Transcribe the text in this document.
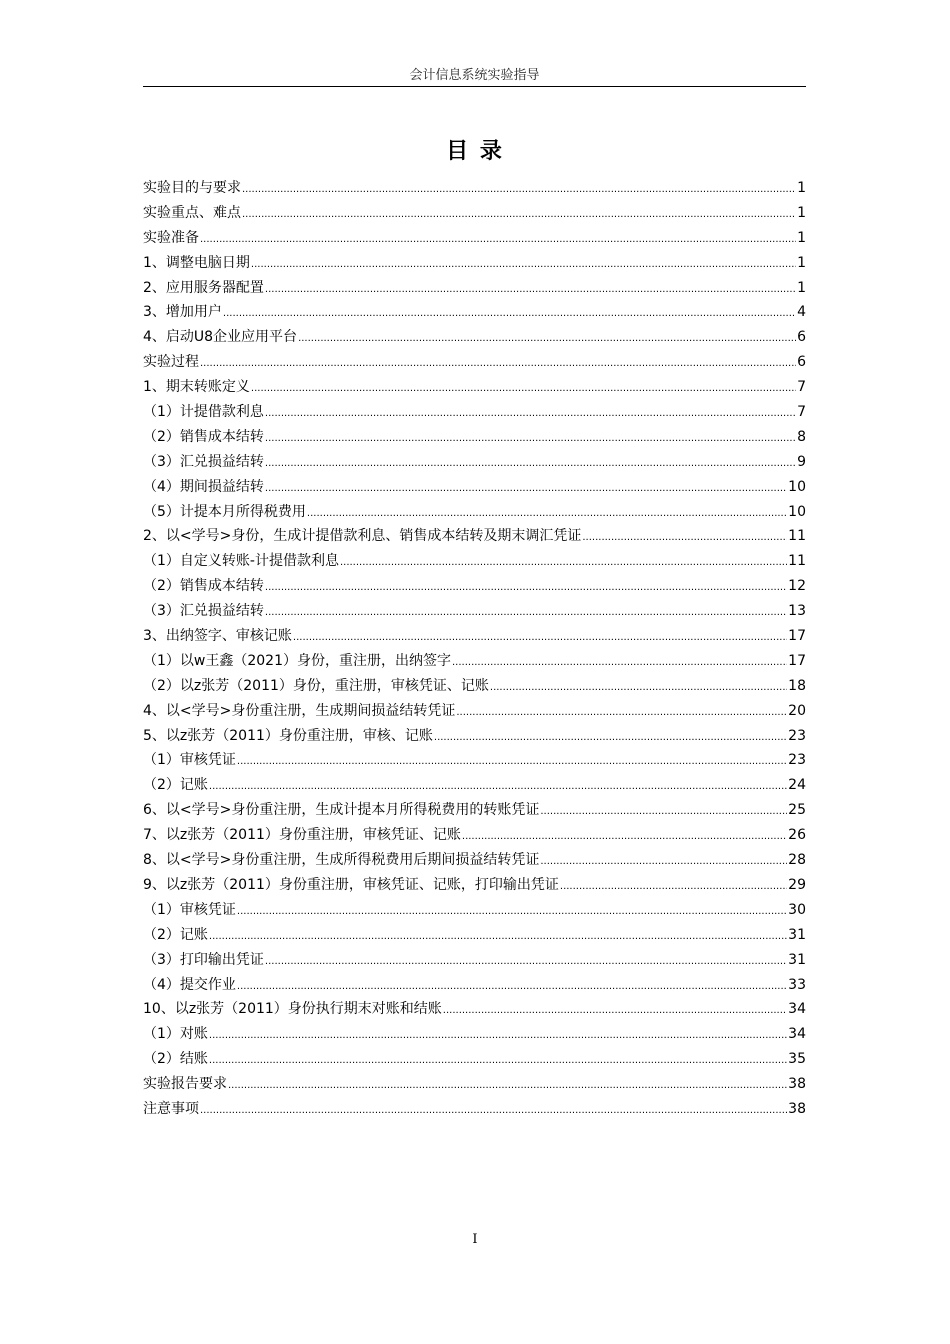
会计信息系统实验指导
目 录
实验目的与要求 .....	1
实验重点、难点 .....	1
实验准备 .....	1
1、调整电脑日期 .....	1
2、应用服务器配置 .....	1
3、增加用户 .....	4
4、启动U8企业应用平台 .....	6
实验过程 .....	6
1、期末转账定义 .....	7
（1）计提借款利息 .....	7
（2）销售成本结转 .....	8
（3）汇兑损益结转 .....	9
（4）期间损益结转 .....	10
（5）计提本月所得税费用 .....	10
2、以<学号>身份，生成计提借款利息、销售成本结转及期末调汇凭证 .....	11
（1）自定义转账-计提借款利息 .....	11
（2）销售成本结转 .....	12
（3）汇兑损益结转 .....	13
3、出纳签字、审核记账 .....	17
（1）以w王鑫（2021）身份，重注册，出纳签字 .....	17
（2）以z张芳（2011）身份，重注册，审核凭证、记账 .....	18
4、以<学号>身份重注册，生成期间损益结转凭证 .....	20
5、以z张芳（2011）身份重注册，审核、记账 .....	23
（1）审核凭证 .....	23
（2）记账 .....	24
6、以<学号>身份重注册，生成计提本月所得税费用的转账凭证 .....	25
7、以z张芳（2011）身份重注册，审核凭证、记账 .....	26
8、以<学号>身份重注册，生成所得税费用后期间损益结转凭证 .....	28
9、以z张芳（2011）身份重注册，审核凭证、记账，打印输出凭证 .....	29
（1）审核凭证 .....	30
（2）记账 .....	31
（3）打印输出凭证 .....	31
（4）提交作业 .....	33
10、以z张芳（2011）身份执行期末对账和结账 .....	34
（1）对账 .....	34
（2）结账 .....	35
实验报告要求 .....	38
注意事项 .....	38
I
